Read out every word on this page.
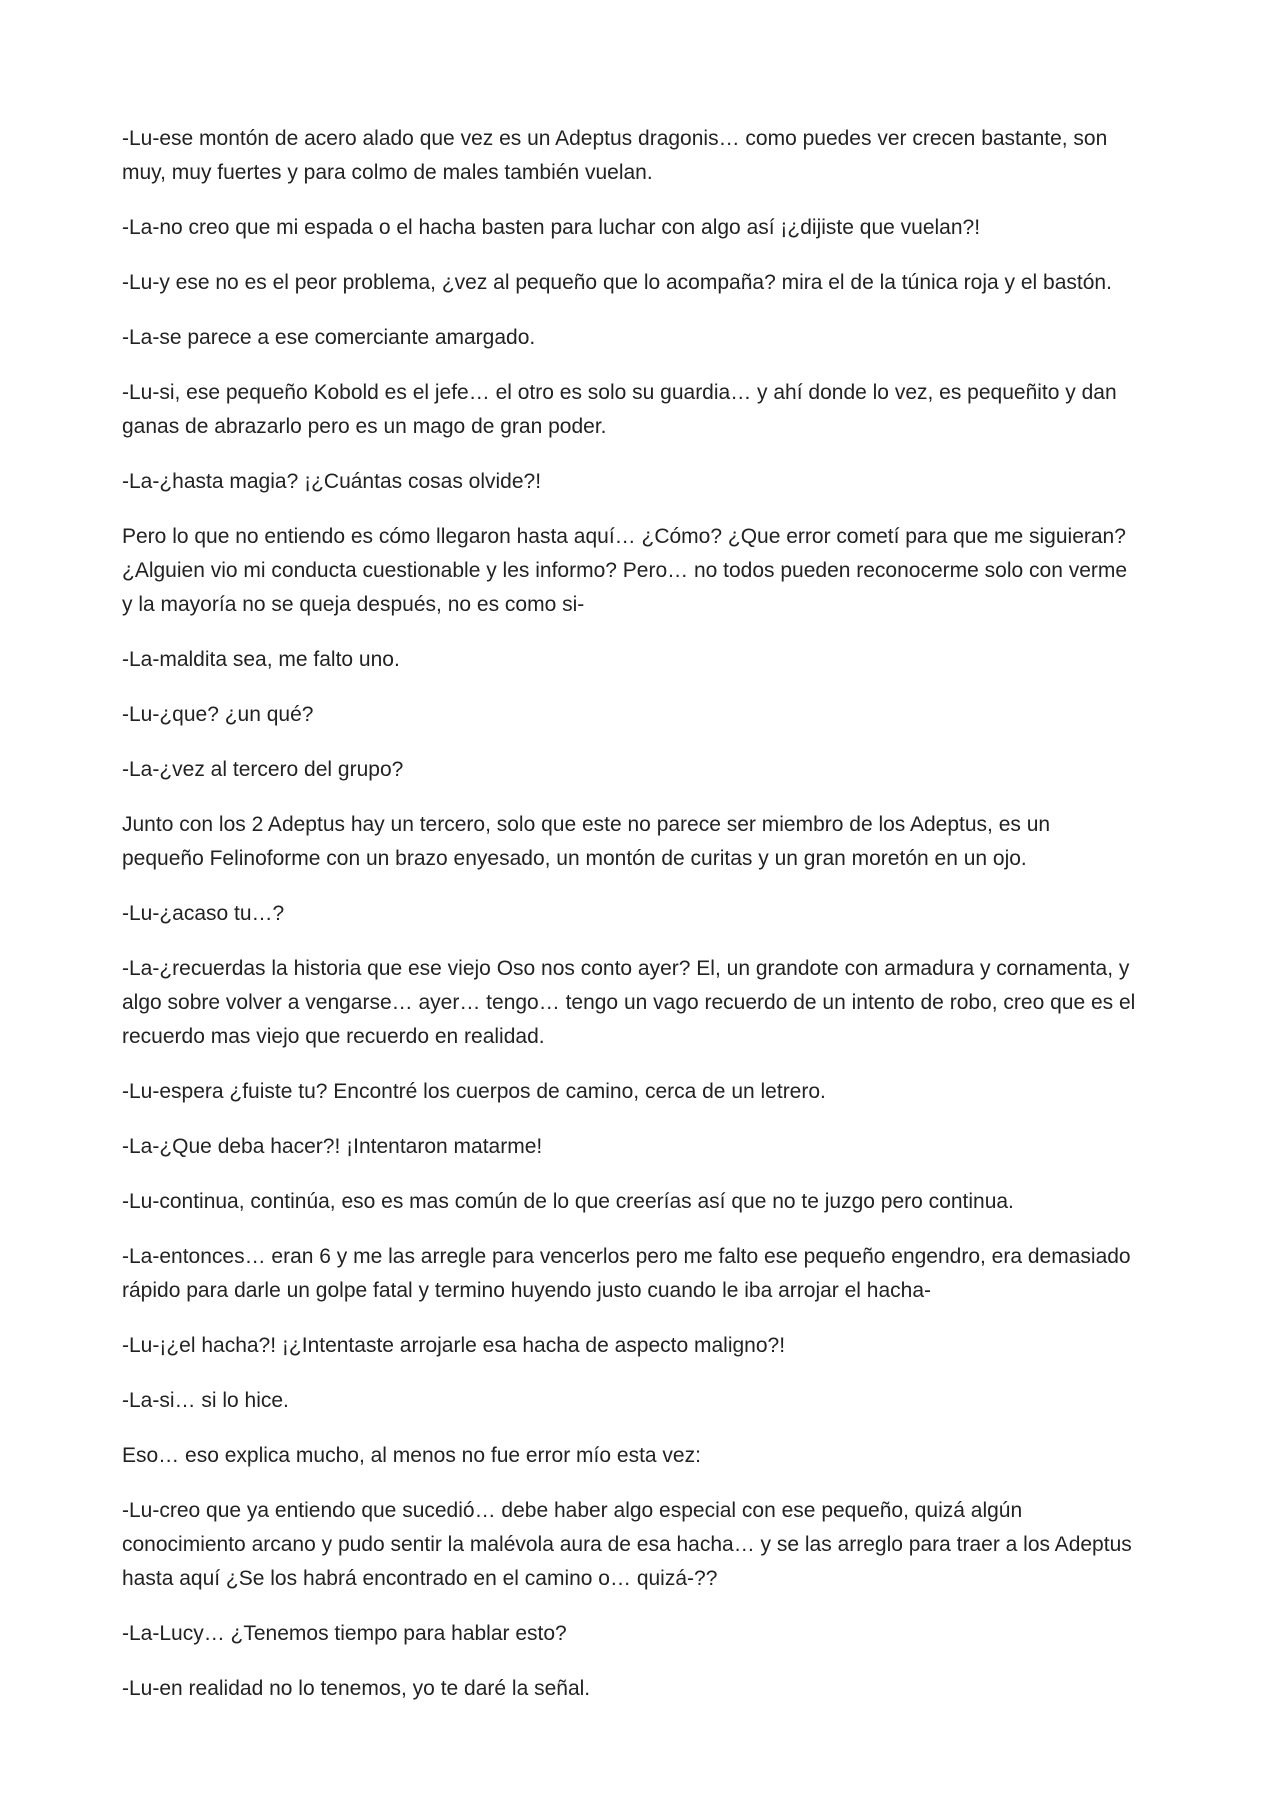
-Lu-ese montón de acero alado que vez es un Adeptus dragonis… como puedes ver crecen bastante, son
muy, muy fuertes y para colmo de males también vuelan.

-La-no creo que mi espada o el hacha basten para luchar con algo así ¡¿dijiste que vuelan?!

-Lu-y ese no es el peor problema, ¿vez al pequeño que lo acompaña? mira el de la túnica roja y el bastón.

-La-se parece a ese comerciante amargado.

-Lu-si, ese pequeño Kobold es el jefe… el otro es solo su guardia… y ahí donde lo vez, es pequeñito y dan
ganas de abrazarlo pero es un mago de gran poder.

-La-¿hasta magia? ¡¿Cuántas cosas olvide?!

Pero lo que no entiendo es cómo llegaron hasta aquí… ¿Cómo? ¿Que error cometí para que me siguieran?
¿Alguien vio mi conducta cuestionable y les informo? Pero… no todos pueden reconocerme solo con verme
y la mayoría no se queja después, no es como si-

-La-maldita sea, me falto uno.

-Lu-¿que? ¿un qué?

-La-¿vez al tercero del grupo?

Junto con los 2 Adeptus hay un tercero, solo que este no parece ser miembro de los Adeptus, es un
pequeño Felinoforme con un brazo enyesado, un montón de curitas y un gran moretón en un ojo.

-Lu-¿acaso tu…?

-La-¿recuerdas la historia que ese viejo Oso nos conto ayer? El, un grandote con armadura y cornamenta, y
algo sobre volver a vengarse… ayer… tengo… tengo un vago recuerdo de un intento de robo, creo que es el
recuerdo mas viejo que recuerdo en realidad.

-Lu-espera ¿fuiste tu? Encontré los cuerpos de camino, cerca de un letrero.

-La-¿Que deba hacer?! ¡Intentaron matarme!

-Lu-continua, continúa, eso es mas común de lo que creerías así que no te juzgo pero continua.

-La-entonces… eran 6 y me las arregle para vencerlos pero me falto ese pequeño engendro, era demasiado
rápido para darle un golpe fatal y termino huyendo justo cuando le iba arrojar el hacha-

-Lu-¡¿el hacha?! ¡¿Intentaste arrojarle esa hacha de aspecto maligno?!

-La-si… si lo hice.

Eso… eso explica mucho, al menos no fue error mío esta vez:

-Lu-creo que ya entiendo que sucedió… debe haber algo especial con ese pequeño, quizá algún
conocimiento arcano y pudo sentir la malévola aura de esa hacha… y se las arreglo para traer a los Adeptus
hasta aquí ¿Se los habrá encontrado en el camino o… quizá-??

-La-Lucy… ¿Tenemos tiempo para hablar esto?

-Lu-en realidad no lo tenemos, yo te daré la señal.
